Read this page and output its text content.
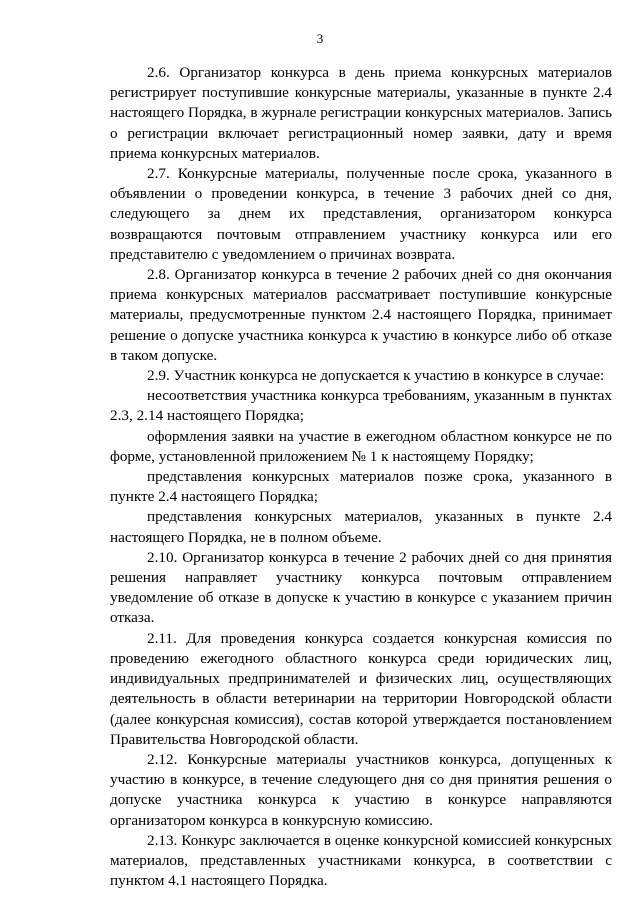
3

2.6. Организатор конкурса в день приема конкурсных материалов регистрирует поступившие конкурсные материалы, указанные в пункте 2.4 настоящего Порядка, в журнале регистрации конкурсных материалов. Запись о регистрации включает регистрационный номер заявки, дату и время приема конкурсных материалов.

2.7. Конкурсные материалы, полученные после срока, указанного в объявлении о проведении конкурса, в течение 3 рабочих дней со дня, следующего за днем их представления, организатором конкурса возвращаются почтовым отправлением участнику конкурса или его представителю с уведомлением о причинах возврата.

2.8. Организатор конкурса в течение 2 рабочих дней со дня окончания приема конкурсных материалов рассматривает поступившие конкурсные материалы, предусмотренные пунктом 2.4 настоящего Порядка, принимает решение о допуске участника конкурса к участию в конкурсе либо об отказе в таком допуске.

2.9. Участник конкурса не допускается к участию в конкурсе в случае:

несоответствия участника конкурса требованиям, указанным в пунктах 2.3, 2.14 настоящего Порядка;

оформления заявки на участие в ежегодном областном конкурсе не по форме, установленной приложением № 1 к настоящему Порядку;

представления конкурсных материалов позже срока, указанного в пункте 2.4 настоящего Порядка;

представления конкурсных материалов, указанных в пункте 2.4 настоящего Порядка, не в полном объеме.

2.10. Организатор конкурса в течение 2 рабочих дней со дня принятия решения направляет участнику конкурса почтовым отправлением уведомление об отказе в допуске к участию в конкурсе с указанием причин отказа.

2.11. Для проведения конкурса создается конкурсная комиссия по проведению ежегодного областного конкурса среди юридических лиц, индивидуальных предпринимателей и физических лиц, осуществляющих деятельность в области ветеринарии на территории Новгородской области (далее конкурсная комиссия), состав которой утверждается постановлением Правительства Новгородской области.

2.12. Конкурсные материалы участников конкурса, допущенных к участию в конкурсе, в течение следующего дня со дня принятия решения о допуске участника конкурса к участию в конкурсе направляются организатором конкурса в конкурсную комиссию.

2.13. Конкурс заключается в оценке конкурсной комиссией конкурсных материалов, представленных участниками конкурса, в соответствии с пунктом 4.1 настоящего Порядка.
